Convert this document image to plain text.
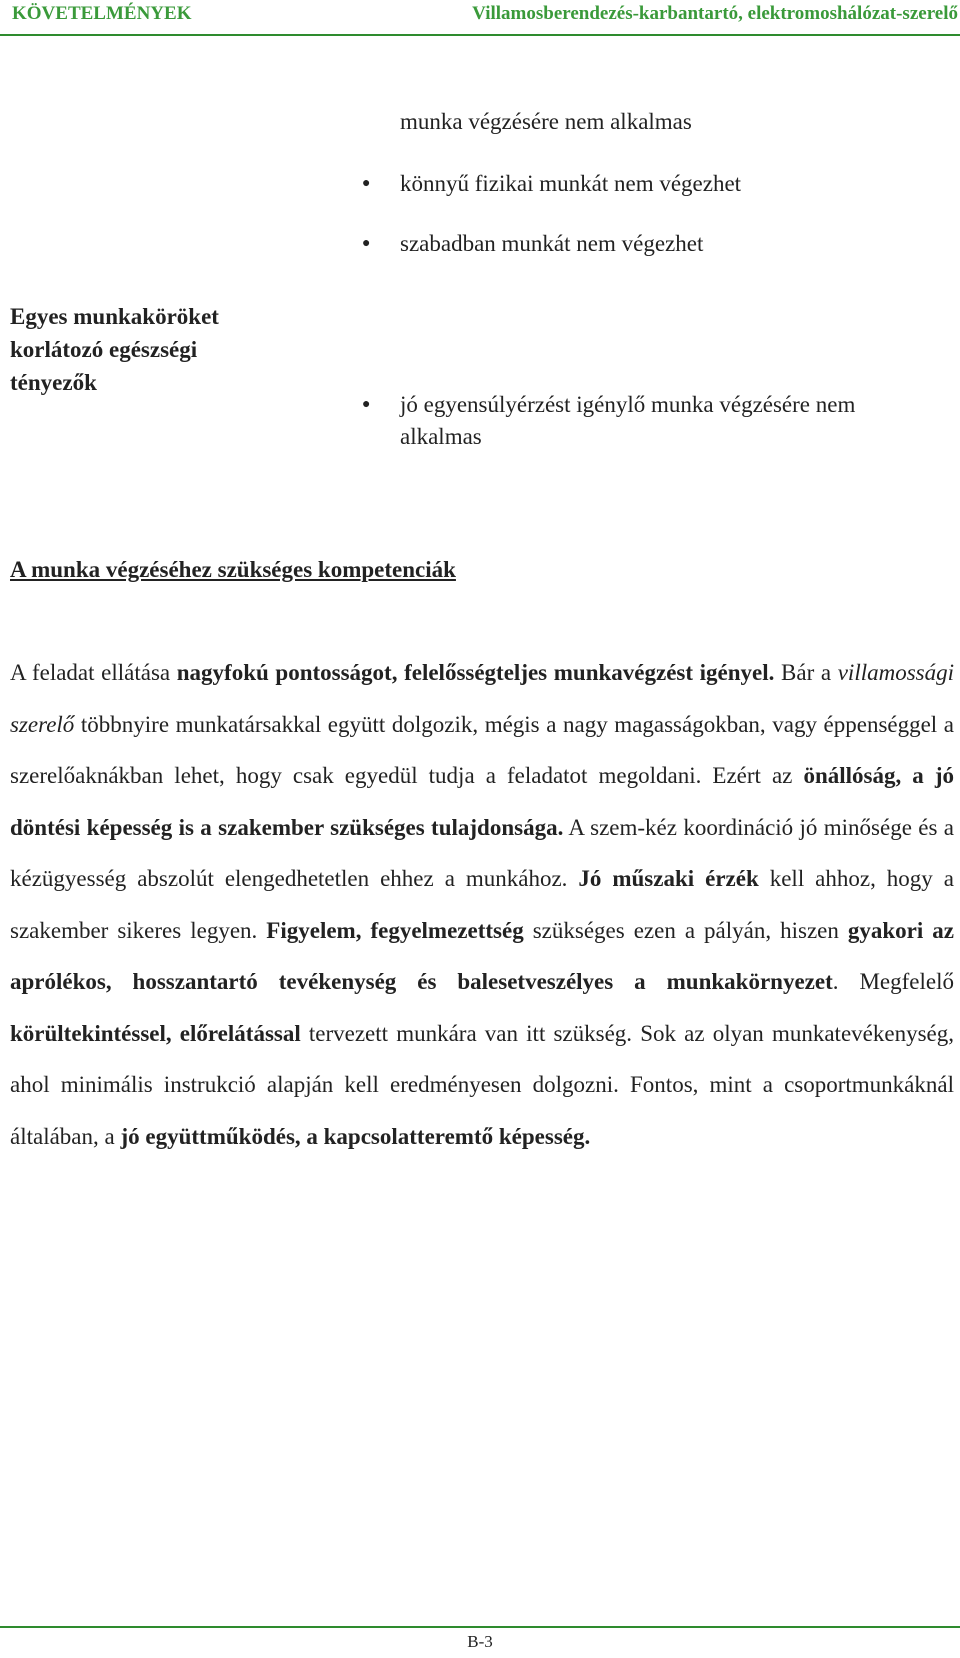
KÖVETELMÉNYEK	Villamosberendezés-karbantartó, elektromoshálózat-szerelő
munka végzésére nem alkalmas
● könnyű fizikai munkát nem végezhet
● szabadban munkát nem végezhet
Egyes munkaköröket korlátozó egészségi tényezők
● jó egyensúlyérzést igénylő munka végzésére nem alkalmas
A munka végzéséhez szükséges kompetenciák
A feladat ellátása nagyfokú pontosságot, felelősségteljes munkavégzést igényel. Bár a villamossági szerelő többnyire munkatársakkal együtt dolgozik, mégis a nagy magasságokban, vagy éppenséggel a szerelőaknákban lehet, hogy csak egyedül tudja a feladatot megoldani. Ezért az önállóság, a jó döntési képesség is a szakember szükséges tulajdonsága. A szem-kéz koordináció jó minősége és a kézügyesség abszolút elengedhetetlen ehhez a munkához. Jó műszaki érzék kell ahhoz, hogy a szakember sikeres legyen. Figyelem, fegyelmezettség szükséges ezen a pályán, hiszen gyakori az aprólékos, hosszantartó tevékenység és balesetveszélyes a munkakörnyezet. Megfelelő körültekintéssel, előrelátással tervezett munkára van itt szükség. Sok az olyan munkatevékenység, ahol minimális instrukció alapján kell eredményesen dolgozni. Fontos, mint a csoportmunkáknál általában, a jó együttműködés, a kapcsolatteremtő képesség.
B-3
